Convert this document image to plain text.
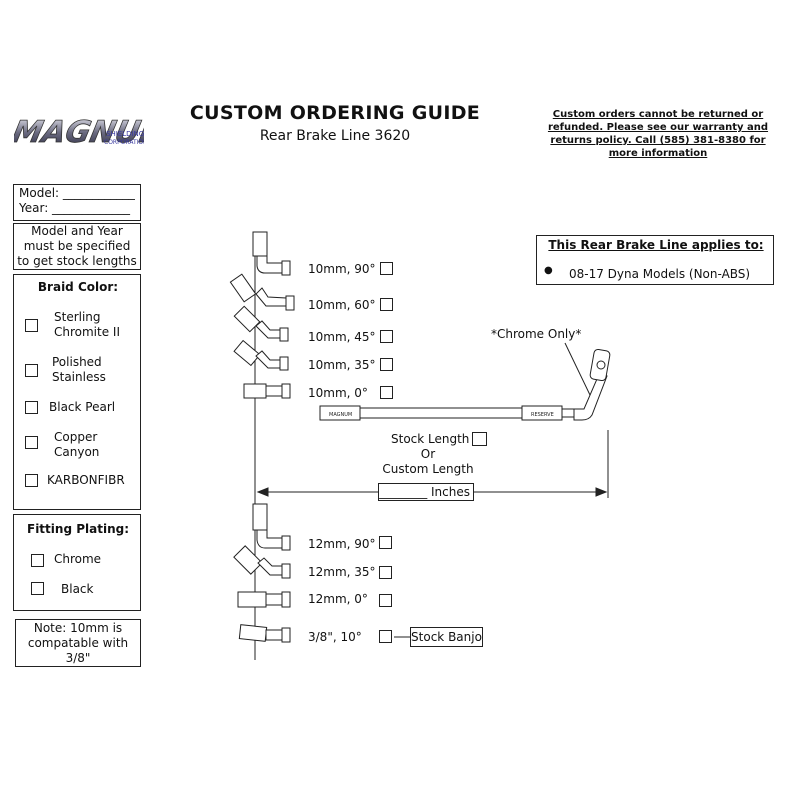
MAGNUM
SHIELDING
CORPORATION
CUSTOM ORDERING GUIDE
Rear Brake Line 3620
Custom orders cannot be returned or refunded. Please see our warranty and returns policy. Call (585) 381-8380 for more information
Model: ____________
Year: _____________
Model and Year must be specified to get stock lengths
Braid Color:
Sterling Chromite II
Polished Stainless
Black Pearl
Copper Canyon
KARBONFIBR
Fitting Plating:
Chrome
Black
Note: 10mm is compatable with 3/8"
This Rear Brake Line applies to:
● 08-17 Dyna Models (Non-ABS)
MAGNUM	RESERVE
10mm, 90°
10mm, 60°
10mm, 45°
10mm, 35°
10mm, 0°
12mm, 90°
12mm, 35°
12mm, 0°
3/8", 10°	Stock Banjo
*Chrome Only*
Stock Length
Or
Custom Length
________ Inches
